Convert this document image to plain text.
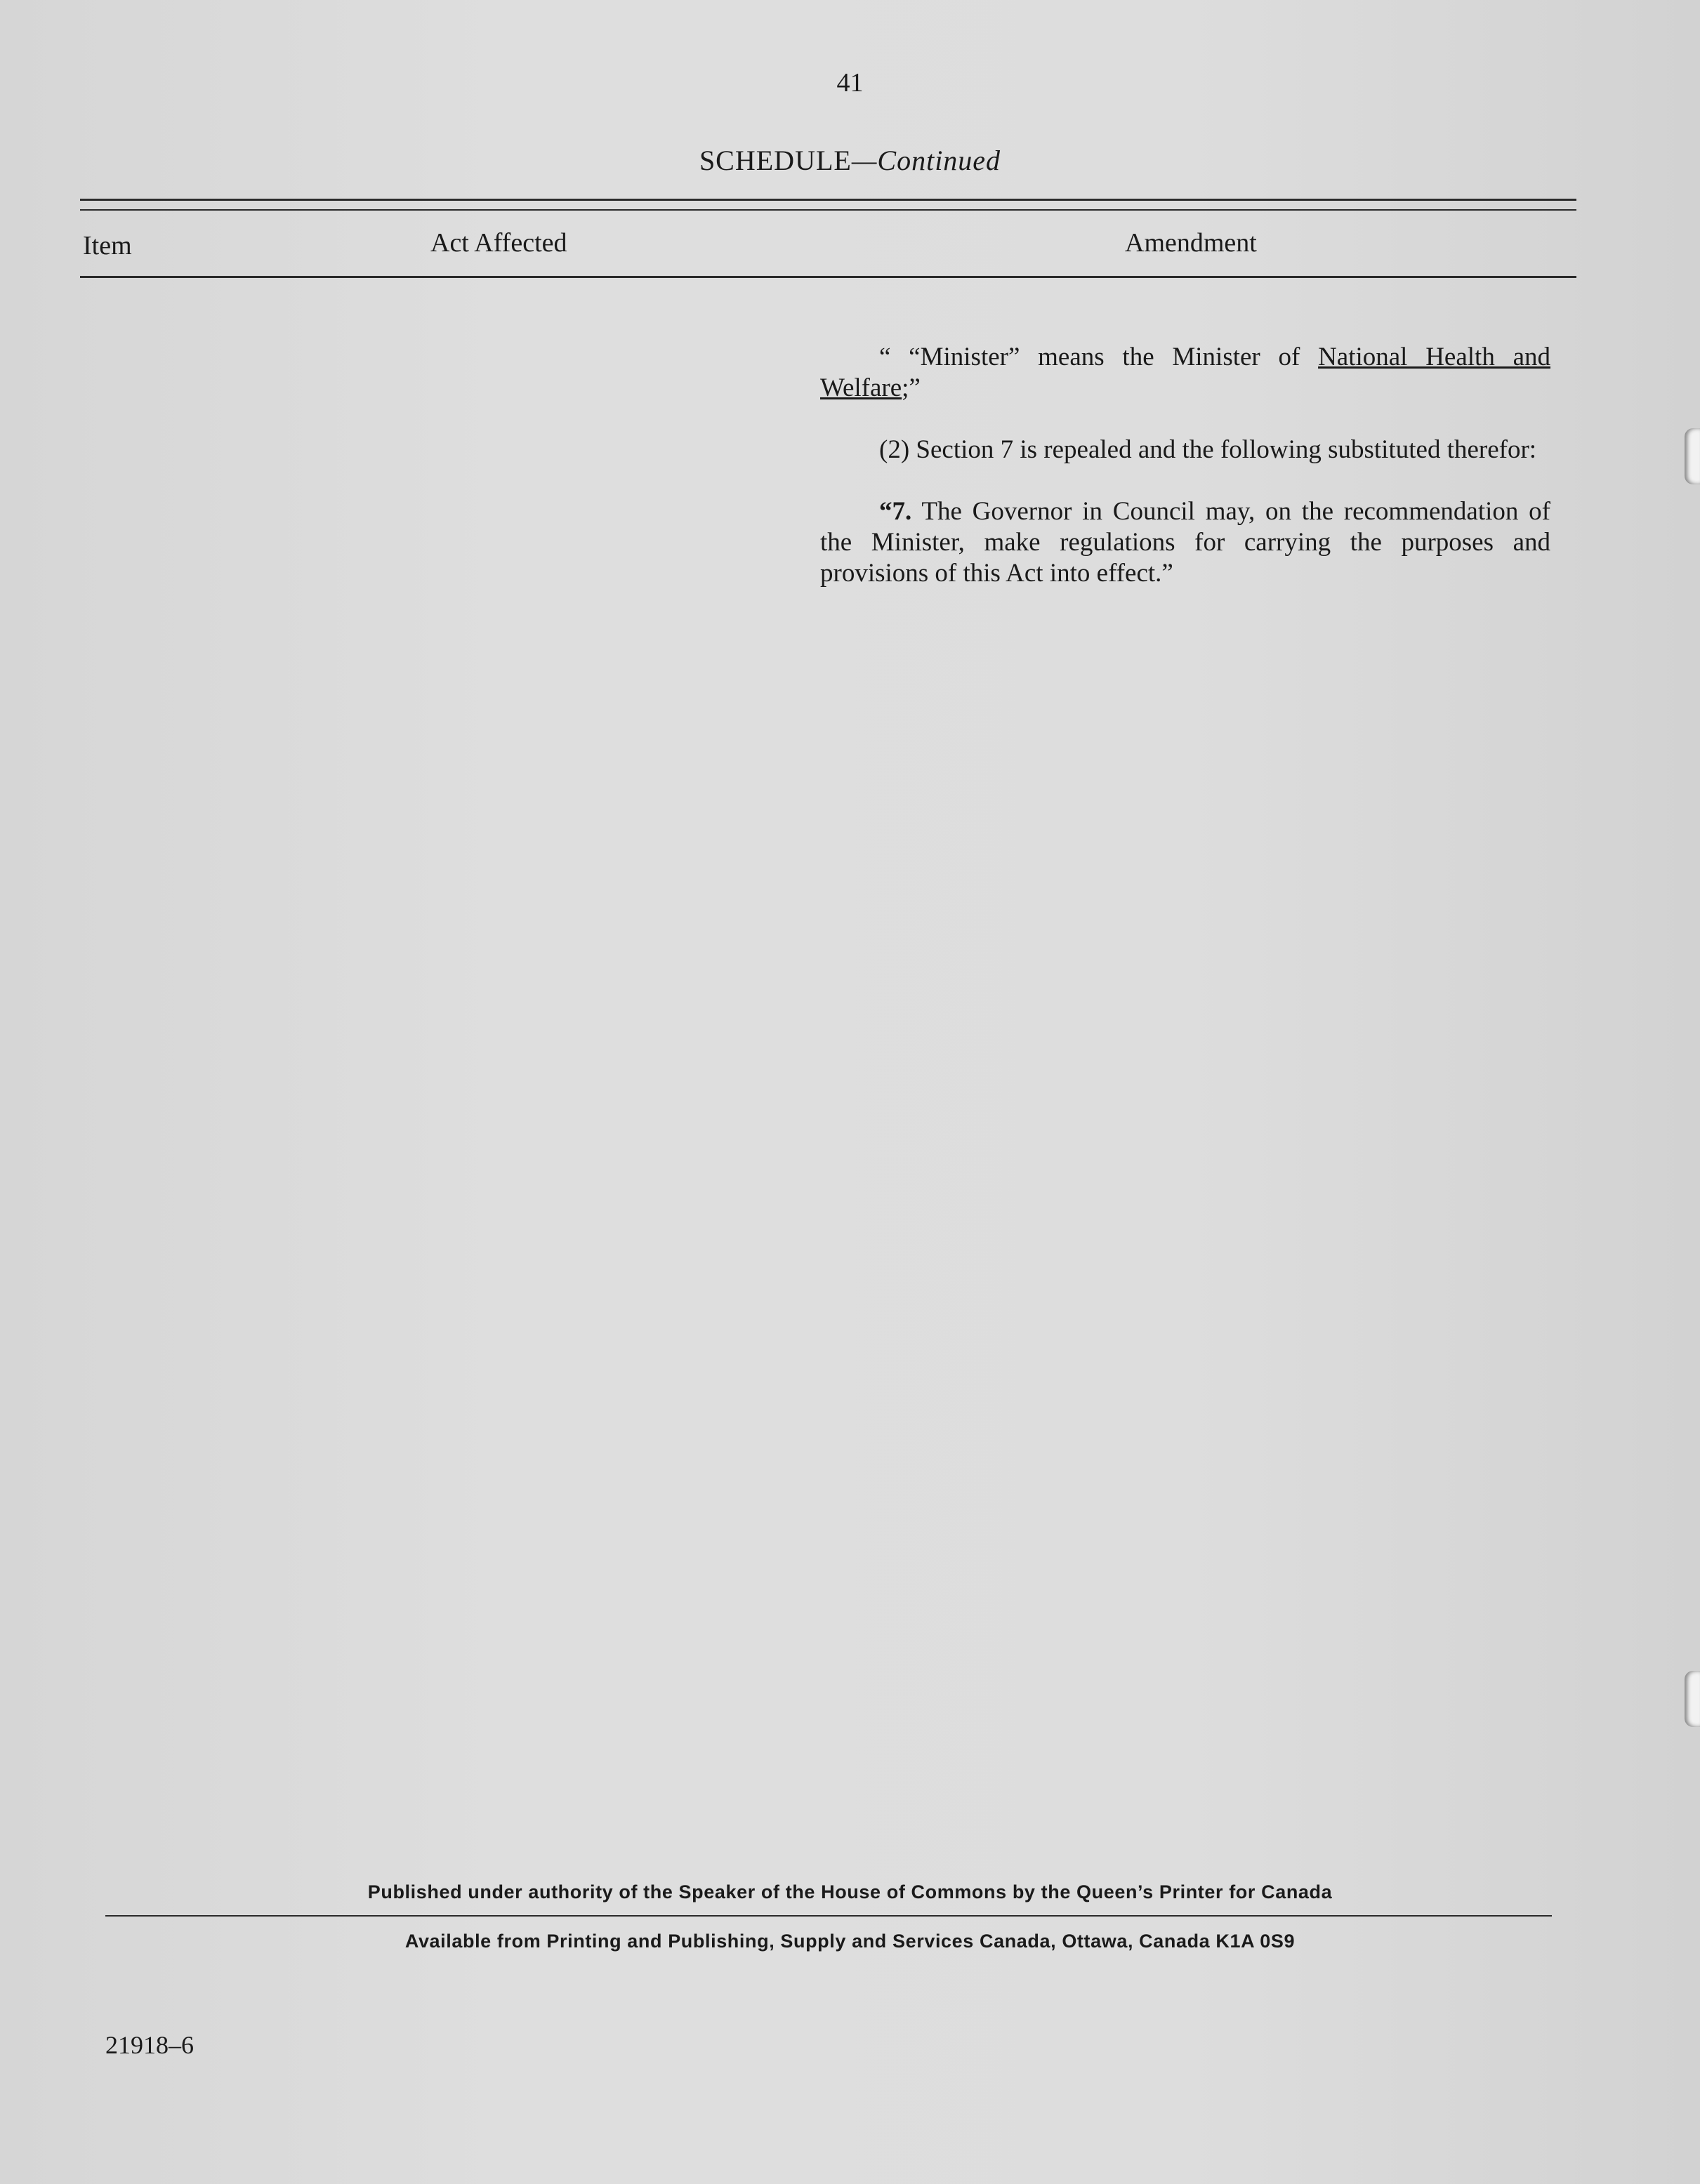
41
SCHEDULE—Continued
Item	Act Affected	Amendment

“ “Minister” means the Minister of National Health and Welfare;”

(2) Section 7 is repealed and the following substituted therefor:

“7. The Governor in Council may, on the recommendation of the Minister, make regulations for carrying the purposes and provisions of this Act into effect.”

Published under authority of the Speaker of the House of Commons by the Queen’s Printer for Canada
Available from Printing and Publishing, Supply and Services Canada, Ottawa, Canada K1A 0S9
21918–6
